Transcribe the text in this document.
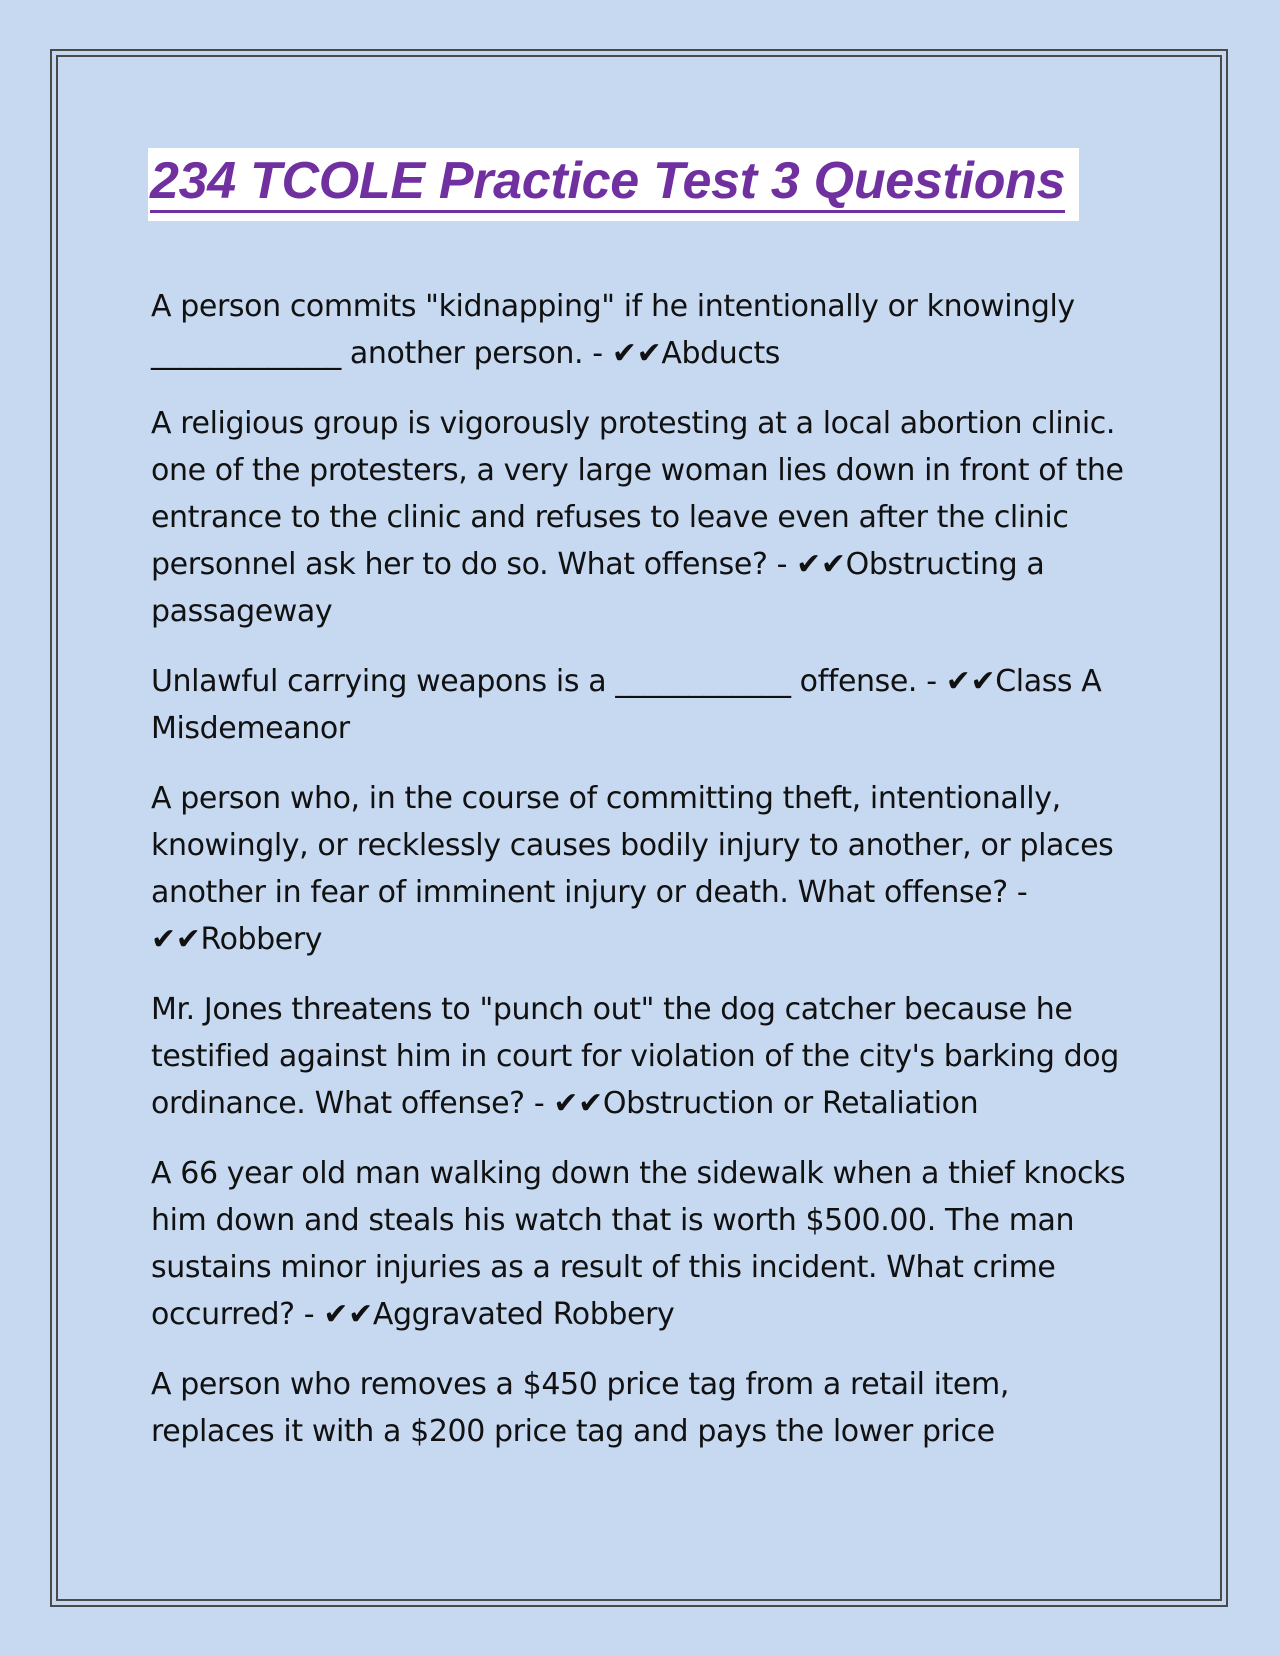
234 TCOLE Practice Test 3 Questions

A person commits "kidnapping" if he intentionally or knowingly _____________ another person. - ✔✔Abducts

A religious group is vigorously protesting at a local abortion clinic. one of the protesters, a very large woman lies down in front of the entrance to the clinic and refuses to leave even after the clinic personnel ask her to do so. What offense? - ✔✔Obstructing a passageway

Unlawful carrying weapons is a ____________ offense. - ✔✔Class A Misdemeanor

A person who, in the course of committing theft, intentionally, knowingly, or recklessly causes bodily injury to another, or places another in fear of imminent injury or death. What offense? - ✔✔Robbery

Mr. Jones threatens to "punch out" the dog catcher because he testified against him in court for violation of the city's barking dog ordinance. What offense? - ✔✔Obstruction or Retaliation

A 66 year old man walking down the sidewalk when a thief knocks him down and steals his watch that is worth $500.00. The man sustains minor injuries as a result of this incident. What crime occurred? - ✔✔Aggravated Robbery

A person who removes a $450 price tag from a retail item, replaces it with a $200 price tag and pays the lower price
